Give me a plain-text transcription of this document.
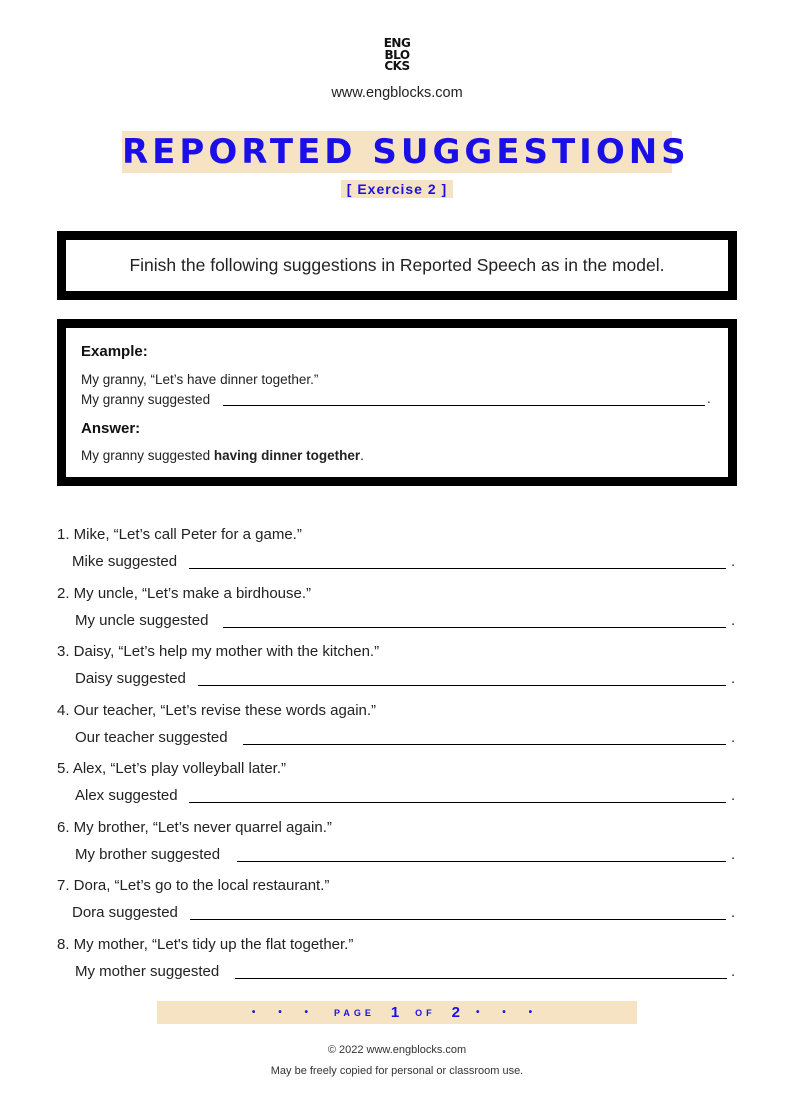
ENG
BLO
CKS
www.engblocks.com
REPORTED SUGGESTIONS
[ Exercise 2 ]
Finish the following suggestions in Reported Speech as in the model.
Example:
My granny, “Let’s have dinner together.”
My granny suggested	.
Answer:
My granny suggested having dinner together.
1. Mike, “Let’s call Peter for a game.”
Mike suggested	.
2. My uncle, “Let’s make a birdhouse.”
My uncle suggested	.
3. Daisy, “Let’s help my mother with the kitchen.”
Daisy suggested	.
4. Our teacher, “Let’s revise these words again.”
Our teacher suggested	.
5. Alex, “Let’s play volleyball later.”
Alex suggested	.
6. My brother, “Let’s never quarrel again.”
My brother suggested	.
7. Dora, “Let’s go to the local restaurant.”
Dora suggested	.
8. My mother, “Let's tidy up the flat together.”
My mother suggested	.
• • • PAGE 1 OF 2 • • •
© 2022 www.engblocks.com
May be freely copied for personal or classroom use.
